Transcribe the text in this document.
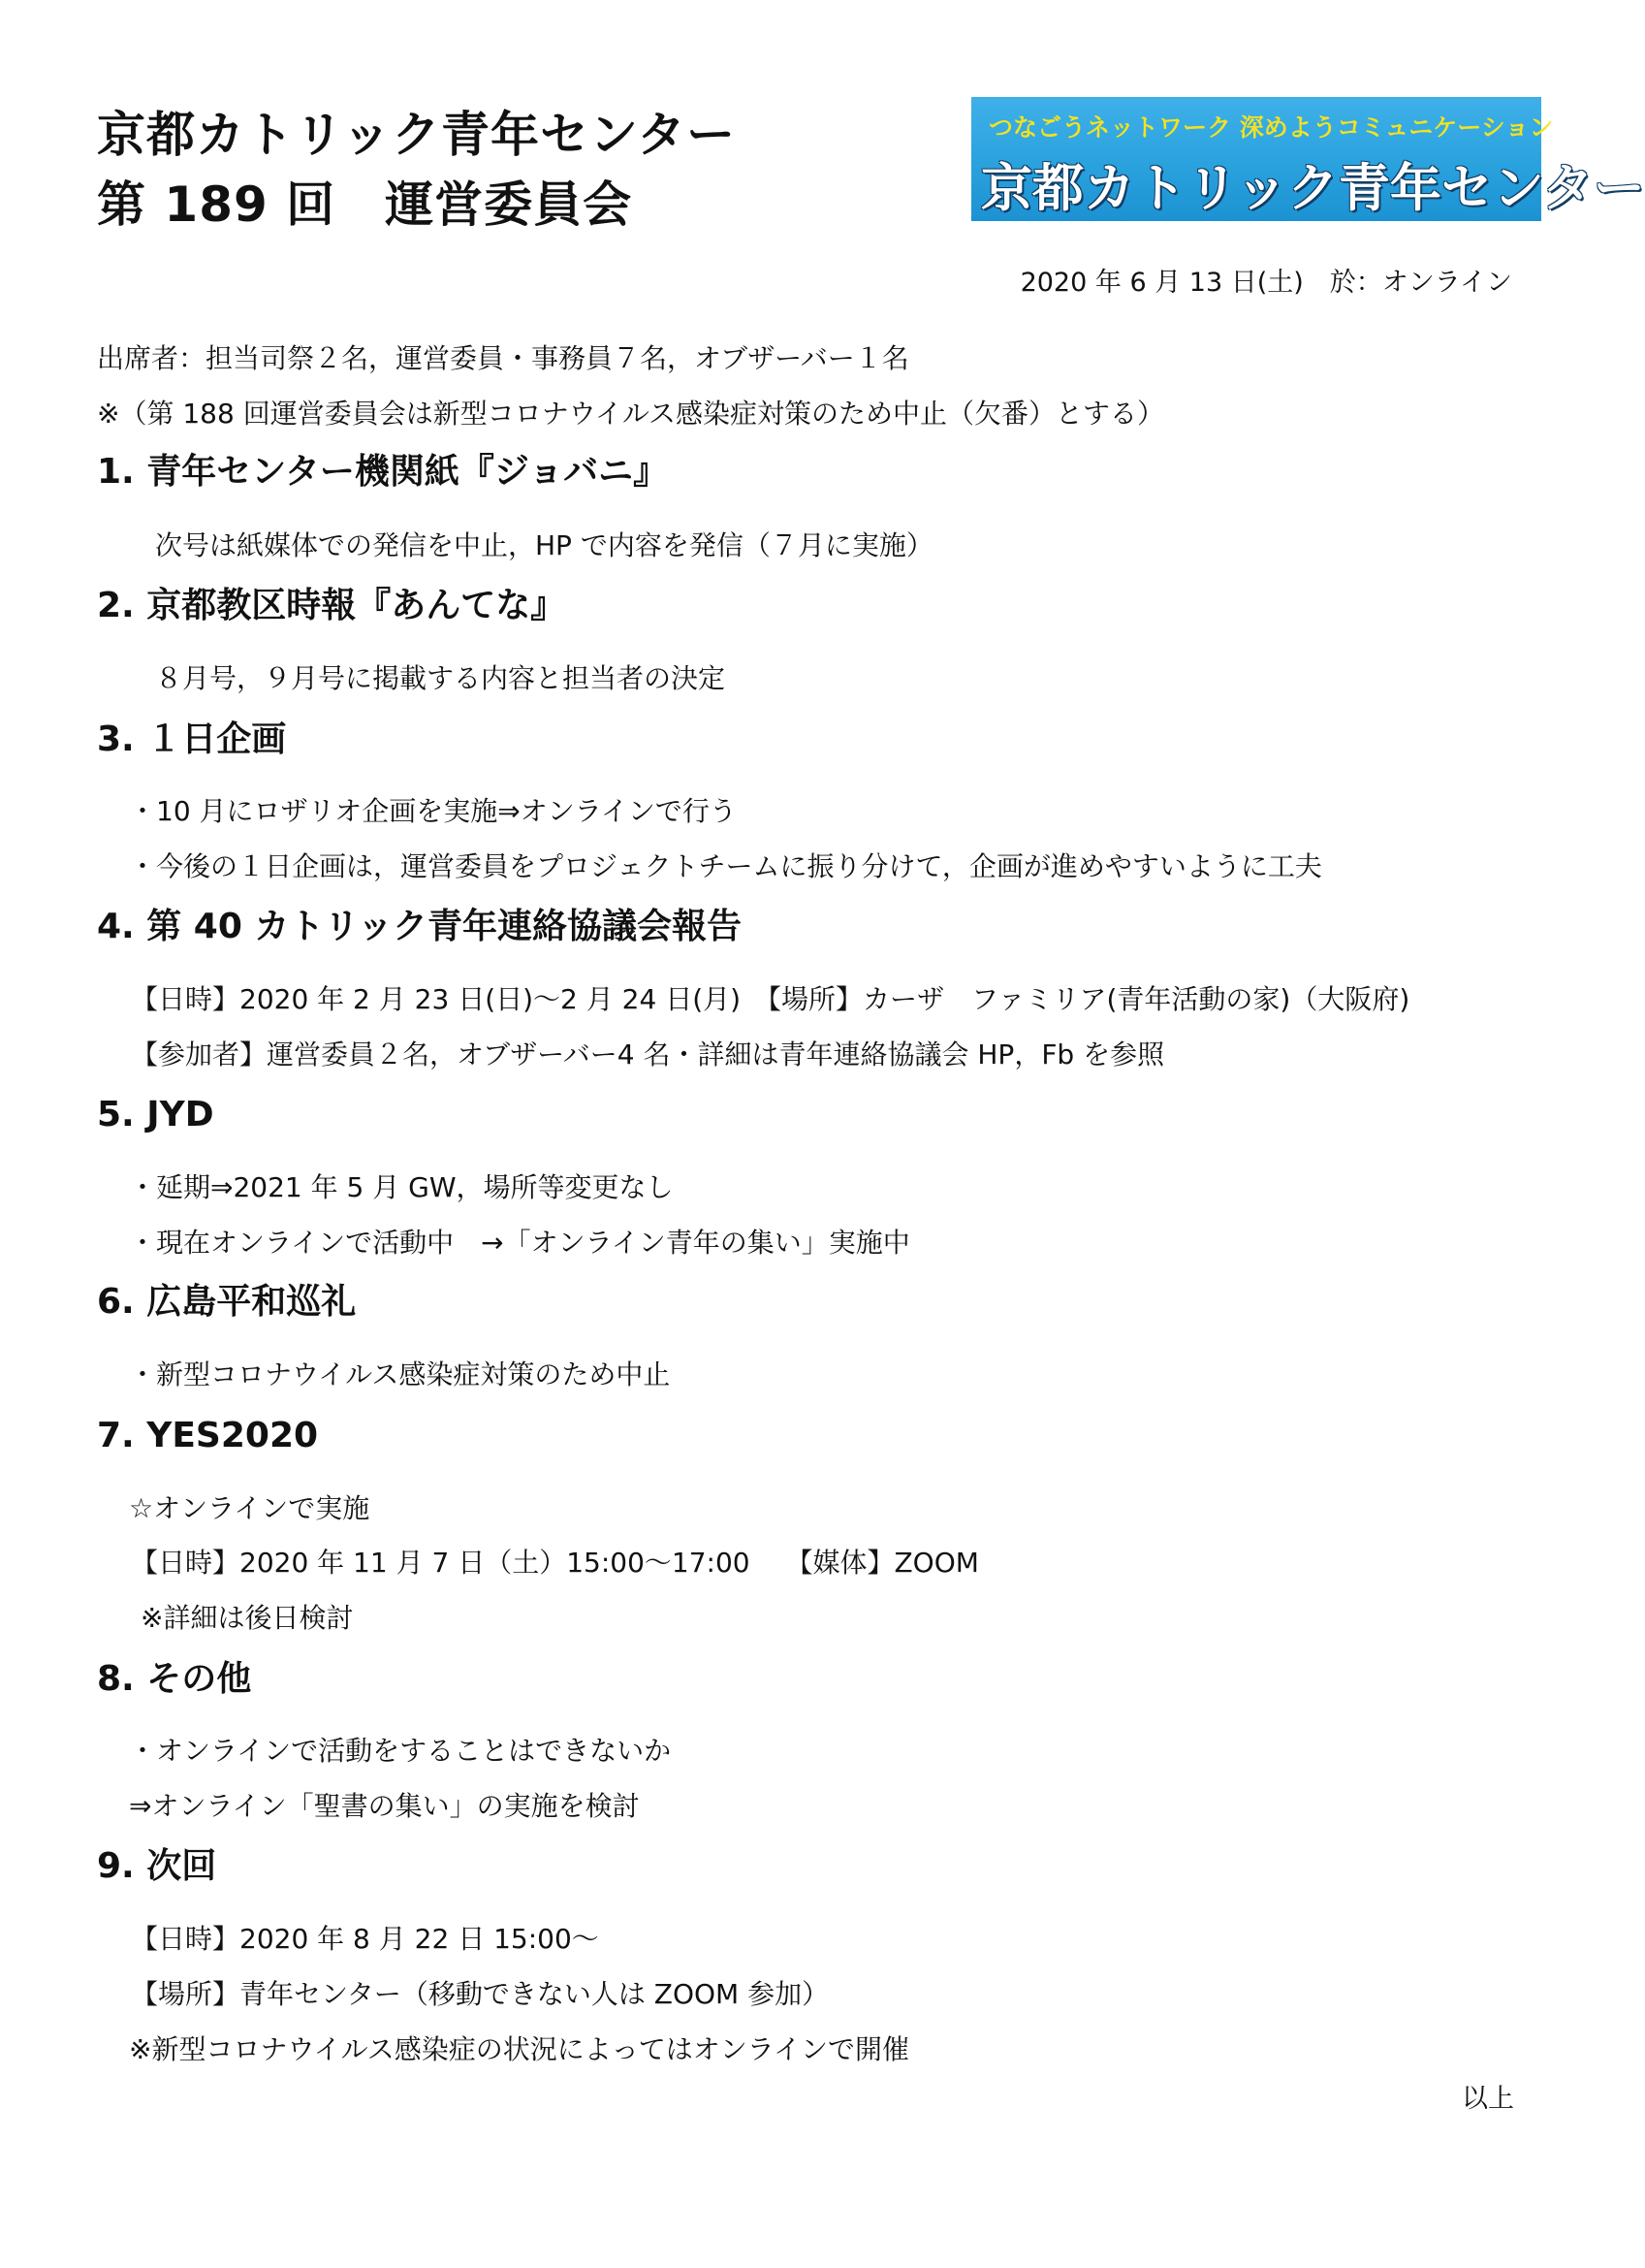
京都カトリック青年センター
第 189 回　運営委員会
つなごうネットワーク 深めようコミュニケーション
京都カトリック青年センター
2020 年 6 月 13 日(土)　於：オンライン
出席者：担当司祭２名，運営委員・事務員７名，オブザーバー１名
※（第 188 回運営委員会は新型コロナウイルス感染症対策のため中止（欠番）とする）
1. 青年センター機関紙『ジョバニ』
次号は紙媒体での発信を中止，HP で内容を発信（７月に実施）
2. 京都教区時報『あんてな』
８月号，９月号に掲載する内容と担当者の決定
3. １日企画
・10 月にロザリオ企画を実施⇒オンラインで行う
・今後の１日企画は，運営委員をプロジェクトチームに振り分けて，企画が進めやすいように工夫
4. 第 40 カトリック青年連絡協議会報告
【日時】2020 年 2 月 23 日(日)～2 月 24 日(月)　【場所】カーザ　ファミリア(青年活動の家)（大阪府)
【参加者】運営委員２名，オブザーバー4 名・詳細は青年連絡協議会 HP，Fb を参照
5. JYD
・延期⇒2021 年 5 月 GW，場所等変更なし
・現在オンラインで活動中　→「オンライン青年の集い」実施中
6. 広島平和巡礼
・新型コロナウイルス感染症対策のため中止
7. YES2020
☆オンラインで実施
【日時】2020 年 11 月 7 日（土）15:00～17:00　 【媒体】ZOOM
※詳細は後日検討
8. その他
・オンラインで活動をすることはできないか
⇒オンライン「聖書の集い」の実施を検討
9. 次回
【日時】2020 年 8 月 22 日 15:00～
【場所】青年センター（移動できない人は ZOOM 参加）
※新型コロナウイルス感染症の状況によってはオンラインで開催
以上
